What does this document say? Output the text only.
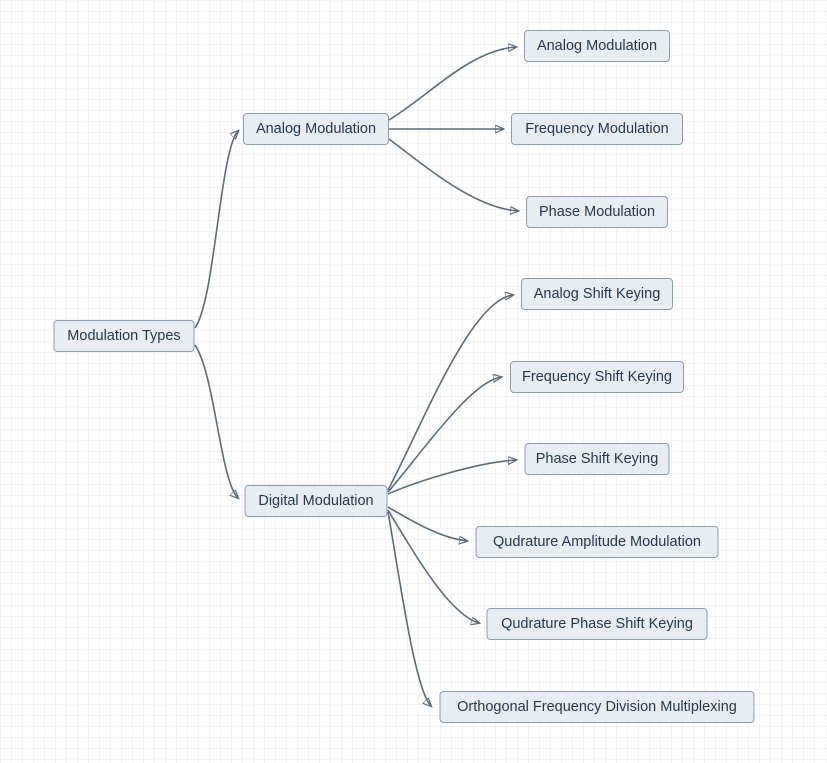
Modulation Types
Analog Modulation
Digital Modulation
Analog Modulation
Frequency Modulation
Phase Modulation
Analog Shift Keying
Frequency Shift Keying
Phase Shift Keying
Qudrature Amplitude Modulation
Qudrature Phase Shift Keying
Orthogonal Frequency Division Multiplexing
